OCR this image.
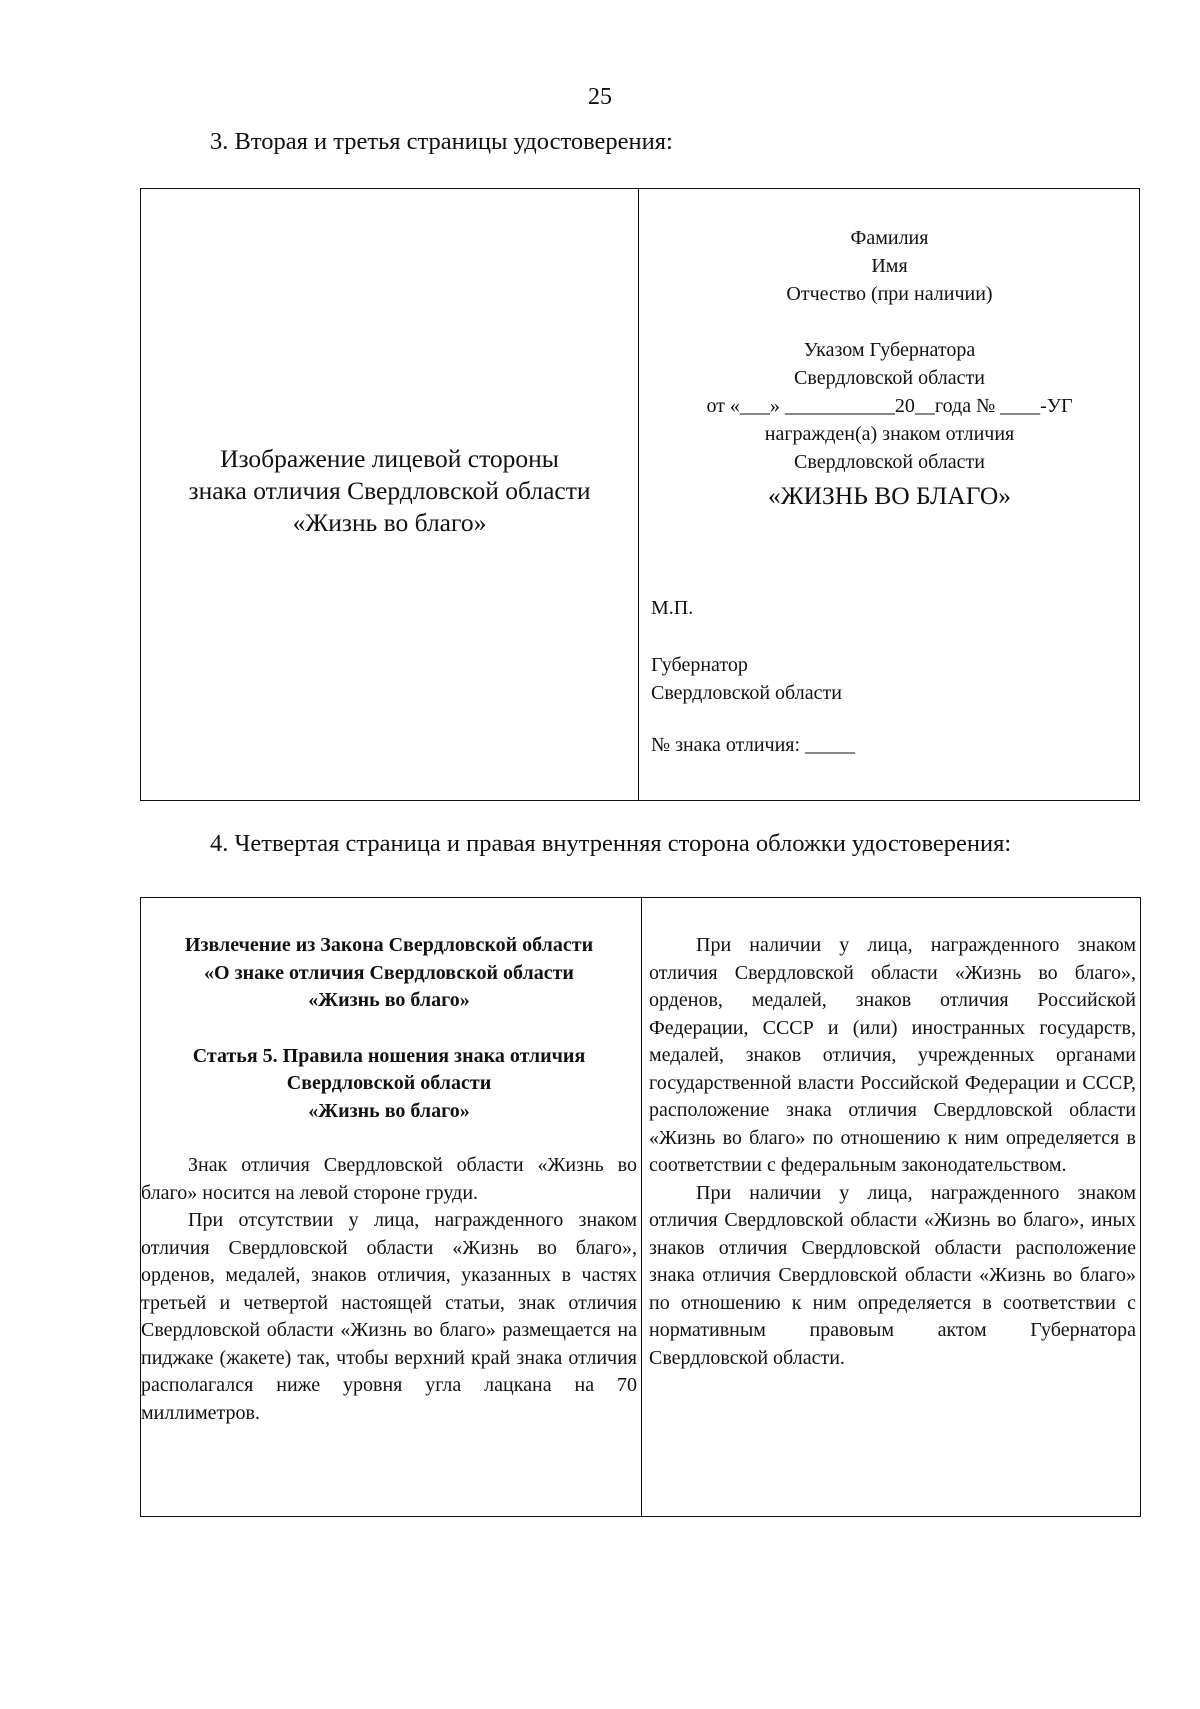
25
3. Вторая и третья страницы удостоверения:
Изображение лицевой стороны
знака отличия Свердловской области
«Жизнь во благо»
Фамилия
Имя
Отчество (при наличии)
Указом Губернатора
Свердловской области
от «___» ___________20__года № ____-УГ
награжден(а) знаком отличия
Свердловской области
«ЖИЗНЬ ВО БЛАГО»
М.П.
Губернатор
Свердловской области
№ знака отличия: _____
4. Четвертая страница и правая внутренняя сторона обложки удостоверения:
Извлечение из Закона Свердловской области
«О знаке отличия Свердловской области
«Жизнь во благо»
Статья 5. Правила ношения знака отличия
Свердловской области
«Жизнь во благо»

Знак отличия Свердловской области «Жизнь во благо» носится на левой стороне груди.

При отсутствии у лица, награжденного знаком отличия Свердловской области «Жизнь во благо», орденов, медалей, знаков отличия, указанных в частях третьей и четвертой настоящей статьи, знак отличия Свердловской области «Жизнь во благо» размещается на пиджаке (жакете) так, чтобы верхний край знака отличия располагался ниже уровня угла лацкана на 70 миллиметров.

При наличии у лица, награжденного знаком отличия Свердловской области «Жизнь во благо», орденов, медалей, знаков отличия Российской Федерации, СССР и (или) иностранных государств, медалей, знаков отличия, учрежденных органами государственной власти Российской Федерации и СССР, расположение знака отличия Свердловской области «Жизнь во благо» по отношению к ним определяется в соответствии с федеральным законодательством.

При наличии у лица, награжденного знаком отличия Свердловской области «Жизнь во благо», иных знаков отличия Свердловской области расположение знака отличия Свердловской области «Жизнь во благо» по отношению к ним определяется в соответствии с нормативным правовым актом Губернатора Свердловской области.
